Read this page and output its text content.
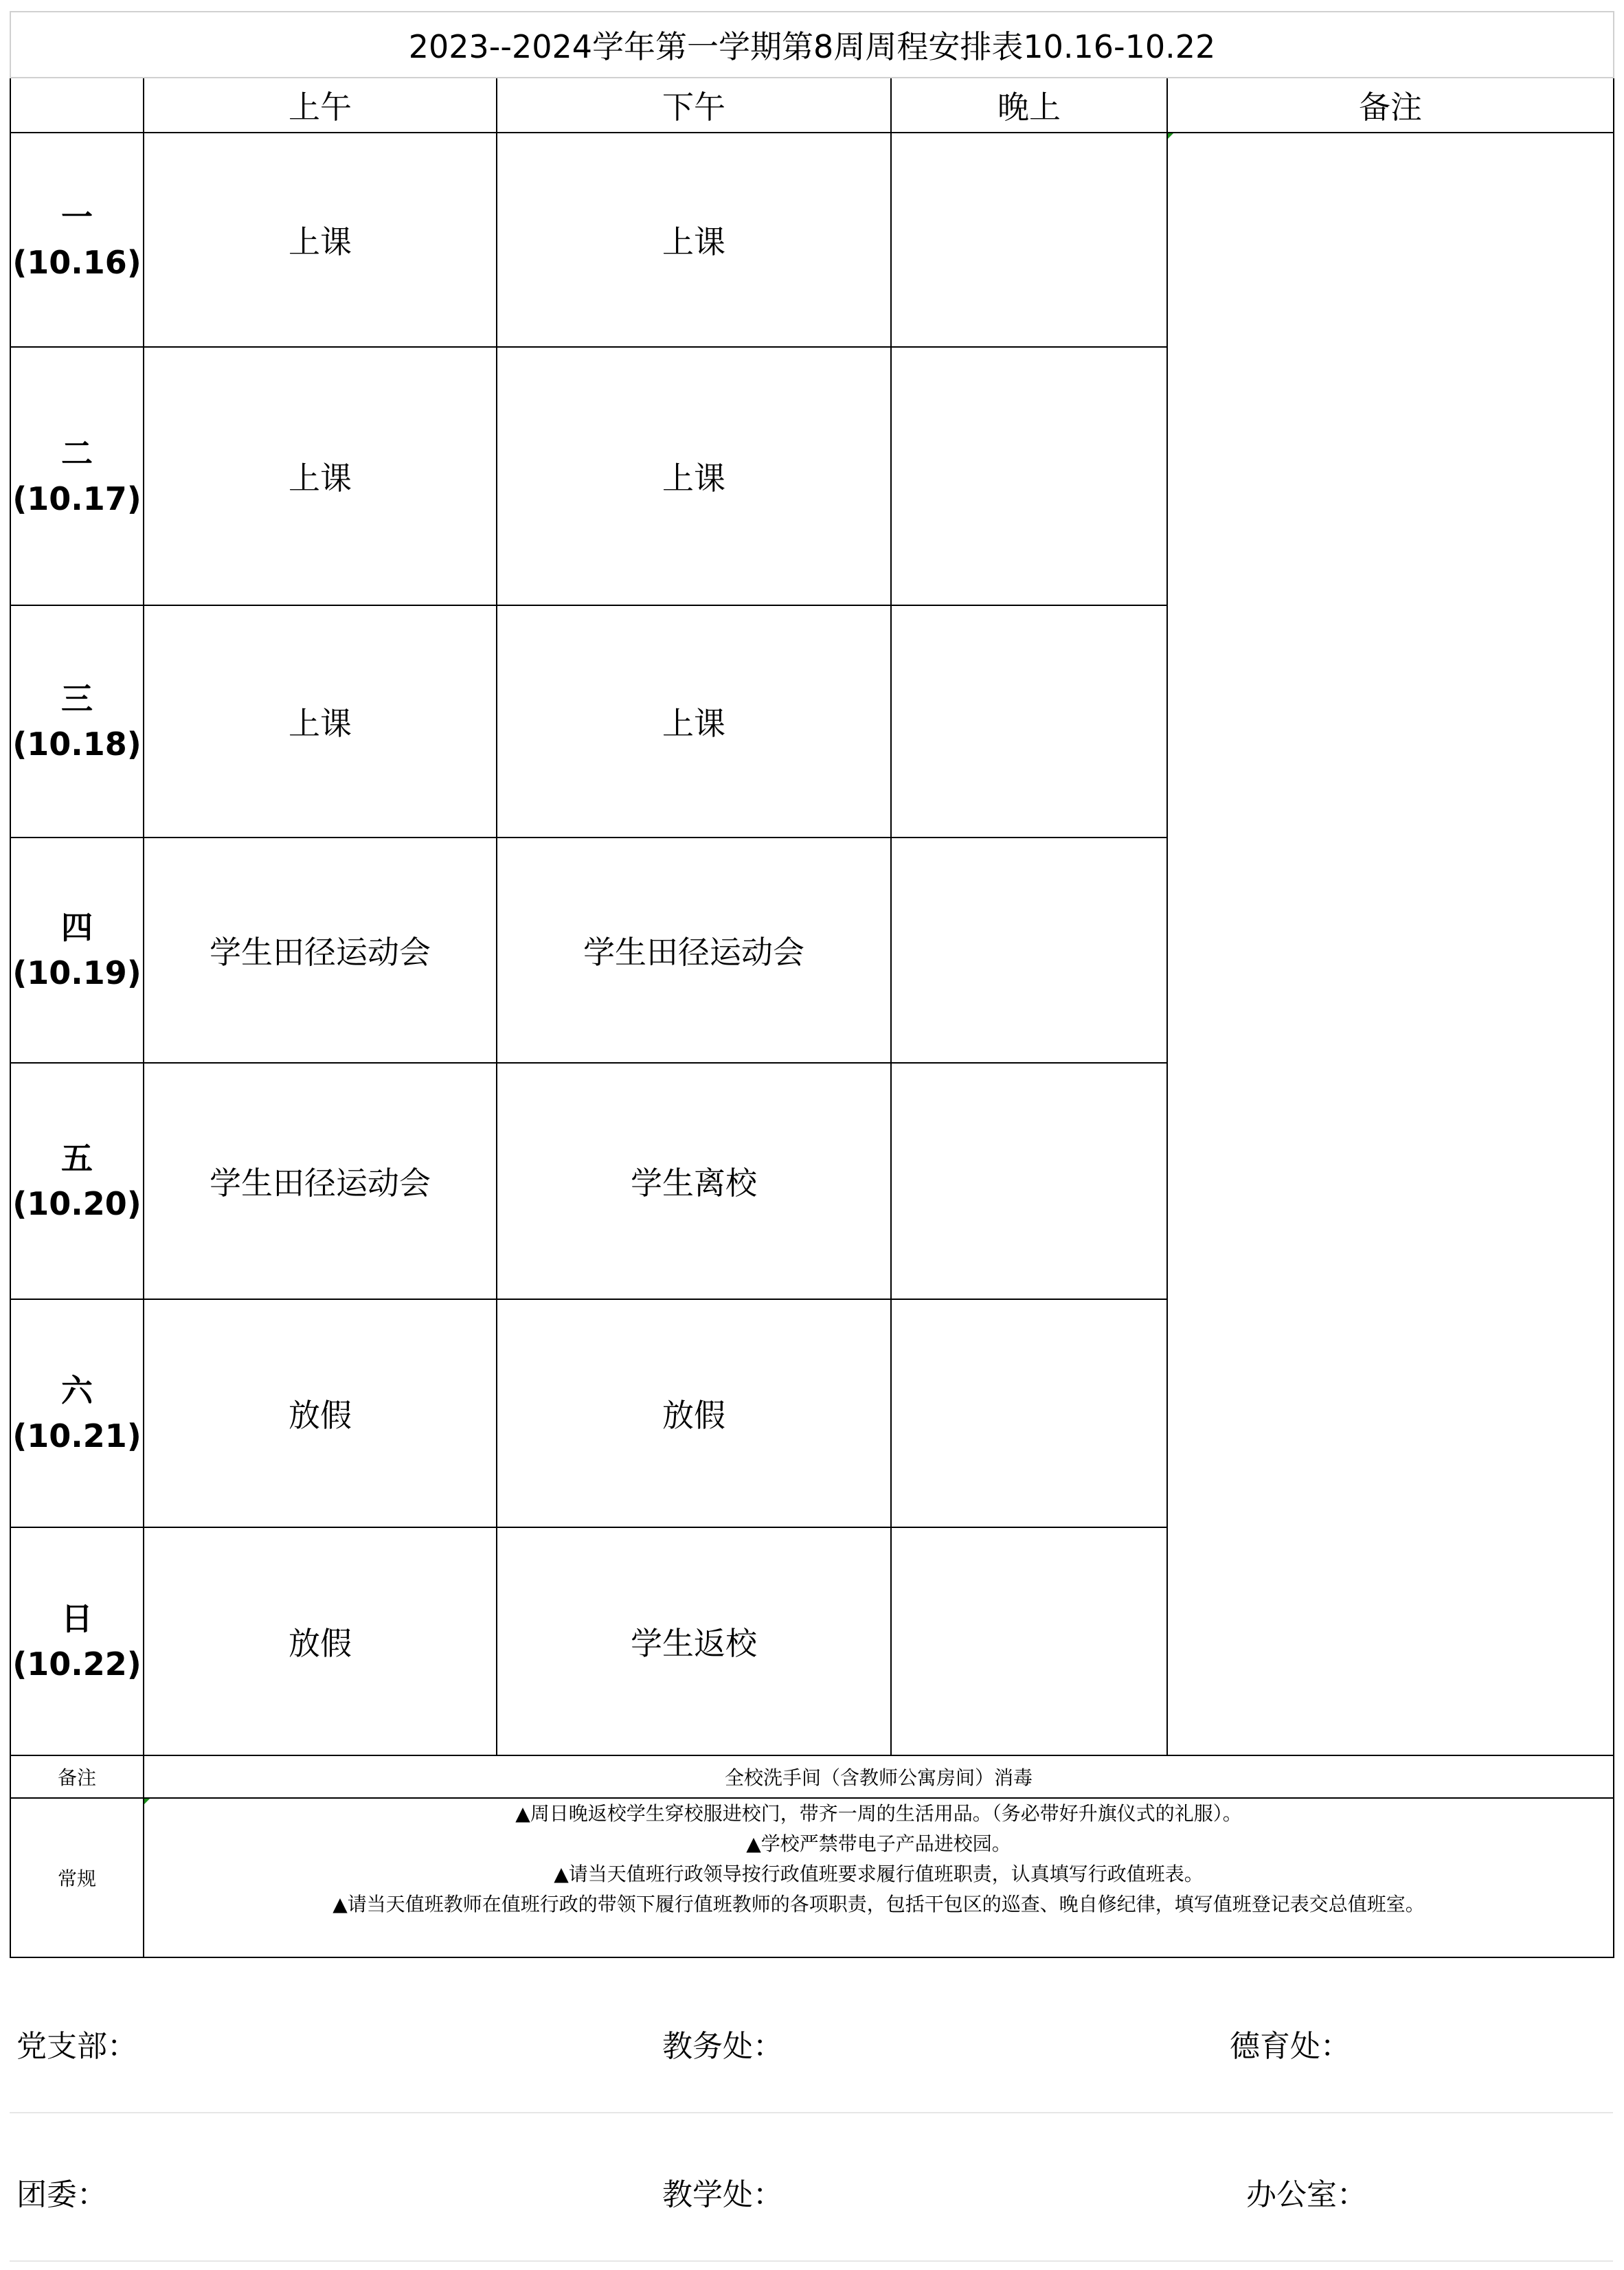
2023--2024学年第一学期第8周周程安排表10.16-10.22				
	上午	下午	晚上	备注

一
(10.16)	上课	上课		

二
(10.17)	上课	上课		

三
(10.18)	上课	上课		

四
(10.19)	学生田径运动会	学生田径运动会		

五
(10.20)	学生田径运动会	学生离校		

六
(10.21)	放假	放假		

日
(10.22)	放假	学生返校		
备注	全校洗手间（含教师公寓房间）消毒			
常规	▲周日晚返校学生穿校服进校门，带齐一周的生活用品。（务必带好升旗仪式的礼服）。
▲学校严禁带电子产品进校园。
▲请当天值班行政领导按行政值班要求履行值班职责，认真填写行政值班表。
▲请当天值班教师在值班行政的带领下履行值班教师的各项职责，包括干包区的巡查、晚自修纪律，填写值班登记表交总值班室。			
党支部：	教务处：	德育处：
团委：	教学处：	办公室：
